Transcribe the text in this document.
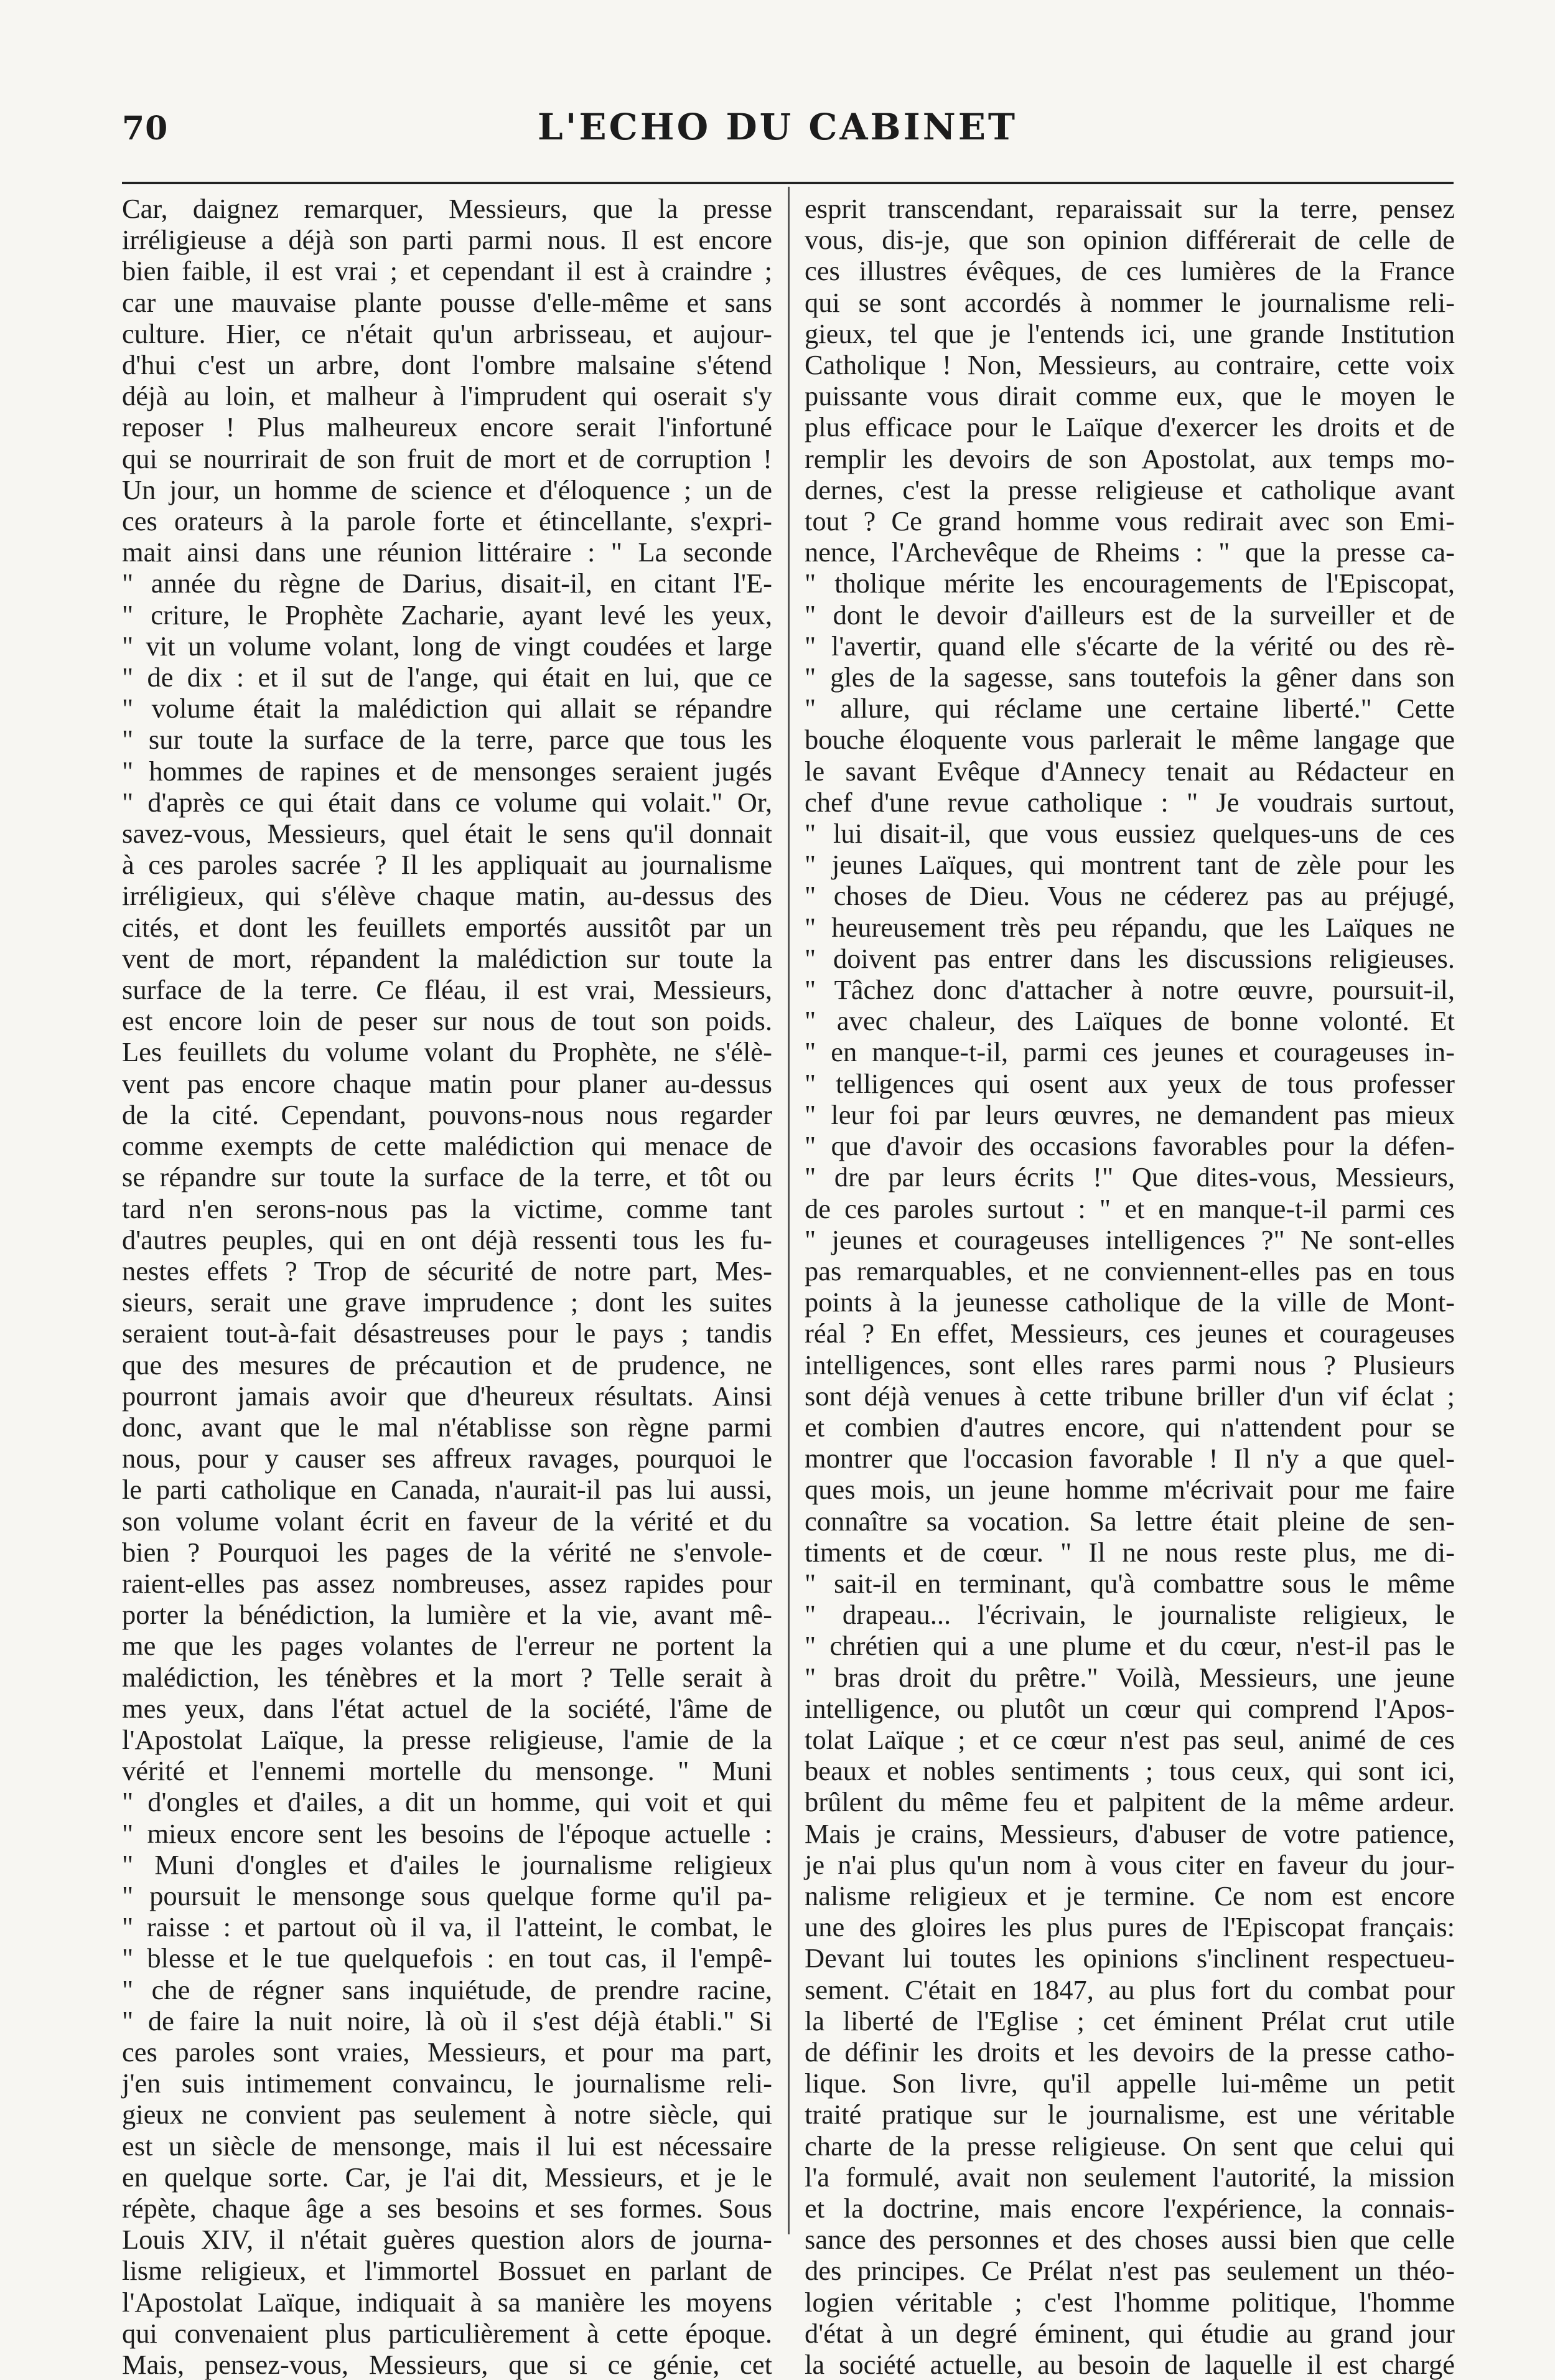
70	L'ECHO DU CABINET

Car, daignez remarquer, Messieurs, que la presse

irréligieuse a déjà son parti parmi nous. Il est encore

bien faible, il est vrai ; et cependant il est à craindre ;

car une mauvaise plante pousse d'elle-même et sans

culture. Hier, ce n'était qu'un arbrisseau, et aujour-

d'hui c'est un arbre, dont l'ombre malsaine s'étend

déjà au loin, et malheur à l'imprudent qui oserait s'y

reposer ! Plus malheureux encore serait l'infortuné

qui se nourrirait de son fruit de mort et de corruption !

Un jour, un homme de science et d'éloquence ; un de

ces orateurs à la parole forte et étincellante, s'expri-

mait ainsi dans une réunion littéraire : " La seconde

" année du règne de Darius, disait-il, en citant l'E-

" criture, le Prophète Zacharie, ayant levé les yeux,

" vit un volume volant, long de vingt coudées et large

" de dix : et il sut de l'ange, qui était en lui, que ce

" volume était la malédiction qui allait se répandre

" sur toute la surface de la terre, parce que tous les

" hommes de rapines et de mensonges seraient jugés

" d'après ce qui était dans ce volume qui volait." Or,

savez-vous, Messieurs, quel était le sens qu'il donnait

à ces paroles sacrée ? Il les appliquait au journalisme

irréligieux, qui s'élève chaque matin, au-dessus des

cités, et dont les feuillets emportés aussitôt par un

vent de mort, répandent la malédiction sur toute la

surface de la terre. Ce fléau, il est vrai, Messieurs,

est encore loin de peser sur nous de tout son poids.

Les feuillets du volume volant du Prophète, ne s'élè-

vent pas encore chaque matin pour planer au-dessus

de la cité. Cependant, pouvons-nous nous regarder

comme exempts de cette malédiction qui menace de

se répandre sur toute la surface de la terre, et tôt ou

tard n'en serons-nous pas la victime, comme tant

d'autres peuples, qui en ont déjà ressenti tous les fu-

nestes effets ? Trop de sécurité de notre part, Mes-

sieurs, serait une grave imprudence ; dont les suites

seraient tout-à-fait désastreuses pour le pays ; tandis

que des mesures de précaution et de prudence, ne

pourront jamais avoir que d'heureux résultats. Ainsi

donc, avant que le mal n'établisse son règne parmi

nous, pour y causer ses affreux ravages, pourquoi le

le parti catholique en Canada, n'aurait-il pas lui aussi,

son volume volant écrit en faveur de la vérité et du

bien ? Pourquoi les pages de la vérité ne s'envole-

raient-elles pas assez nombreuses, assez rapides pour

porter la bénédiction, la lumière et la vie, avant mê-

me que les pages volantes de l'erreur ne portent la

malédiction, les ténèbres et la mort ? Telle serait à

mes yeux, dans l'état actuel de la société, l'âme de

l'Apostolat Laïque, la presse religieuse, l'amie de la

vérité et l'ennemi mortelle du mensonge. " Muni

" d'ongles et d'ailes, a dit un homme, qui voit et qui

" mieux encore sent les besoins de l'époque actuelle :

" Muni d'ongles et d'ailes le journalisme religieux

" poursuit le mensonge sous quelque forme qu'il pa-

" raisse : et partout où il va, il l'atteint, le combat, le

" blesse et le tue quelquefois : en tout cas, il l'empê-

" che de régner sans inquiétude, de prendre racine,

" de faire la nuit noire, là où il s'est déjà établi." Si

ces paroles sont vraies, Messieurs, et pour ma part,

j'en suis intimement convaincu, le journalisme reli-

gieux ne convient pas seulement à notre siècle, qui

est un siècle de mensonge, mais il lui est nécessaire

en quelque sorte. Car, je l'ai dit, Messieurs, et je le

répète, chaque âge a ses besoins et ses formes. Sous

Louis XIV, il n'était guères question alors de journa-

lisme religieux, et l'immortel Bossuet en parlant de

l'Apostolat Laïque, indiquait à sa manière les moyens

qui convenaient plus particulièrement à cette époque.

Mais, pensez-vous, Messieurs, que si ce génie, cet

esprit transcendant, reparaissait sur la terre, pensez

vous, dis-je, que son opinion différerait de celle de

ces illustres évêques, de ces lumières de la France

qui se sont accordés à nommer le journalisme reli-

gieux, tel que je l'entends ici, une grande Institution

Catholique ! Non, Messieurs, au contraire, cette voix

puissante vous dirait comme eux, que le moyen le

plus efficace pour le Laïque d'exercer les droits et de

remplir les devoirs de son Apostolat, aux temps mo-

dernes, c'est la presse religieuse et catholique avant

tout ? Ce grand homme vous redirait avec son Emi-

nence, l'Archevêque de Rheims : " que la presse ca-

" tholique mérite les encouragements de l'Episcopat,

" dont le devoir d'ailleurs est de la surveiller et de

" l'avertir, quand elle s'écarte de la vérité ou des rè-

" gles de la sagesse, sans toutefois la gêner dans son

" allure, qui réclame une certaine liberté." Cette

bouche éloquente vous parlerait le même langage que

le savant Evêque d'Annecy tenait au Rédacteur en

chef d'une revue catholique : " Je voudrais surtout,

" lui disait-il, que vous eussiez quelques-uns de ces

" jeunes Laïques, qui montrent tant de zèle pour les

" choses de Dieu. Vous ne céderez pas au préjugé,

" heureusement très peu répandu, que les Laïques ne

" doivent pas entrer dans les discussions religieuses.

" Tâchez donc d'attacher à notre œuvre, poursuit-il,

" avec chaleur, des Laïques de bonne volonté. Et

" en manque-t-il, parmi ces jeunes et courageuses in-

" telligences qui osent aux yeux de tous professer

" leur foi par leurs œuvres, ne demandent pas mieux

" que d'avoir des occasions favorables pour la défen-

" dre par leurs écrits !" Que dites-vous, Messieurs,

de ces paroles surtout : " et en manque-t-il parmi ces

" jeunes et courageuses intelligences ?" Ne sont-elles

pas remarquables, et ne conviennent-elles pas en tous

points à la jeunesse catholique de la ville de Mont-

réal ? En effet, Messieurs, ces jeunes et courageuses

intelligences, sont elles rares parmi nous ? Plusieurs

sont déjà venues à cette tribune briller d'un vif éclat ;

et combien d'autres encore, qui n'attendent pour se

montrer que l'occasion favorable ! Il n'y a que quel-

ques mois, un jeune homme m'écrivait pour me faire

connaître sa vocation. Sa lettre était pleine de sen-

timents et de cœur. " Il ne nous reste plus, me di-

" sait-il en terminant, qu'à combattre sous le même

" drapeau... l'écrivain, le journaliste religieux, le

" chrétien qui a une plume et du cœur, n'est-il pas le

" bras droit du prêtre." Voilà, Messieurs, une jeune

intelligence, ou plutôt un cœur qui comprend l'Apos-

tolat Laïque ; et ce cœur n'est pas seul, animé de ces

beaux et nobles sentiments ; tous ceux, qui sont ici,

brûlent du même feu et palpitent de la même ardeur.

Mais je crains, Messieurs, d'abuser de votre patience,

je n'ai plus qu'un nom à vous citer en faveur du jour-

nalisme religieux et je termine. Ce nom est encore

une des gloires les plus pures de l'Episcopat français:

Devant lui toutes les opinions s'inclinent respectueu-

sement. C'était en 1847, au plus fort du combat pour

la liberté de l'Eglise ; cet éminent Prélat crut utile

de définir les droits et les devoirs de la presse catho-

lique. Son livre, qu'il appelle lui-même un petit

traité pratique sur le journalisme, est une véritable

charte de la presse religieuse. On sent que celui qui

l'a formulé, avait non seulement l'autorité, la mission

et la doctrine, mais encore l'expérience, la connais-

sance des personnes et des choses aussi bien que celle

des principes. Ce Prélat n'est pas seulement un théo-

logien véritable ; c'est l'homme politique, l'homme

d'état à un degré éminent, qui étudie au grand jour

la société actuelle, au besoin de laquelle il est chargé
